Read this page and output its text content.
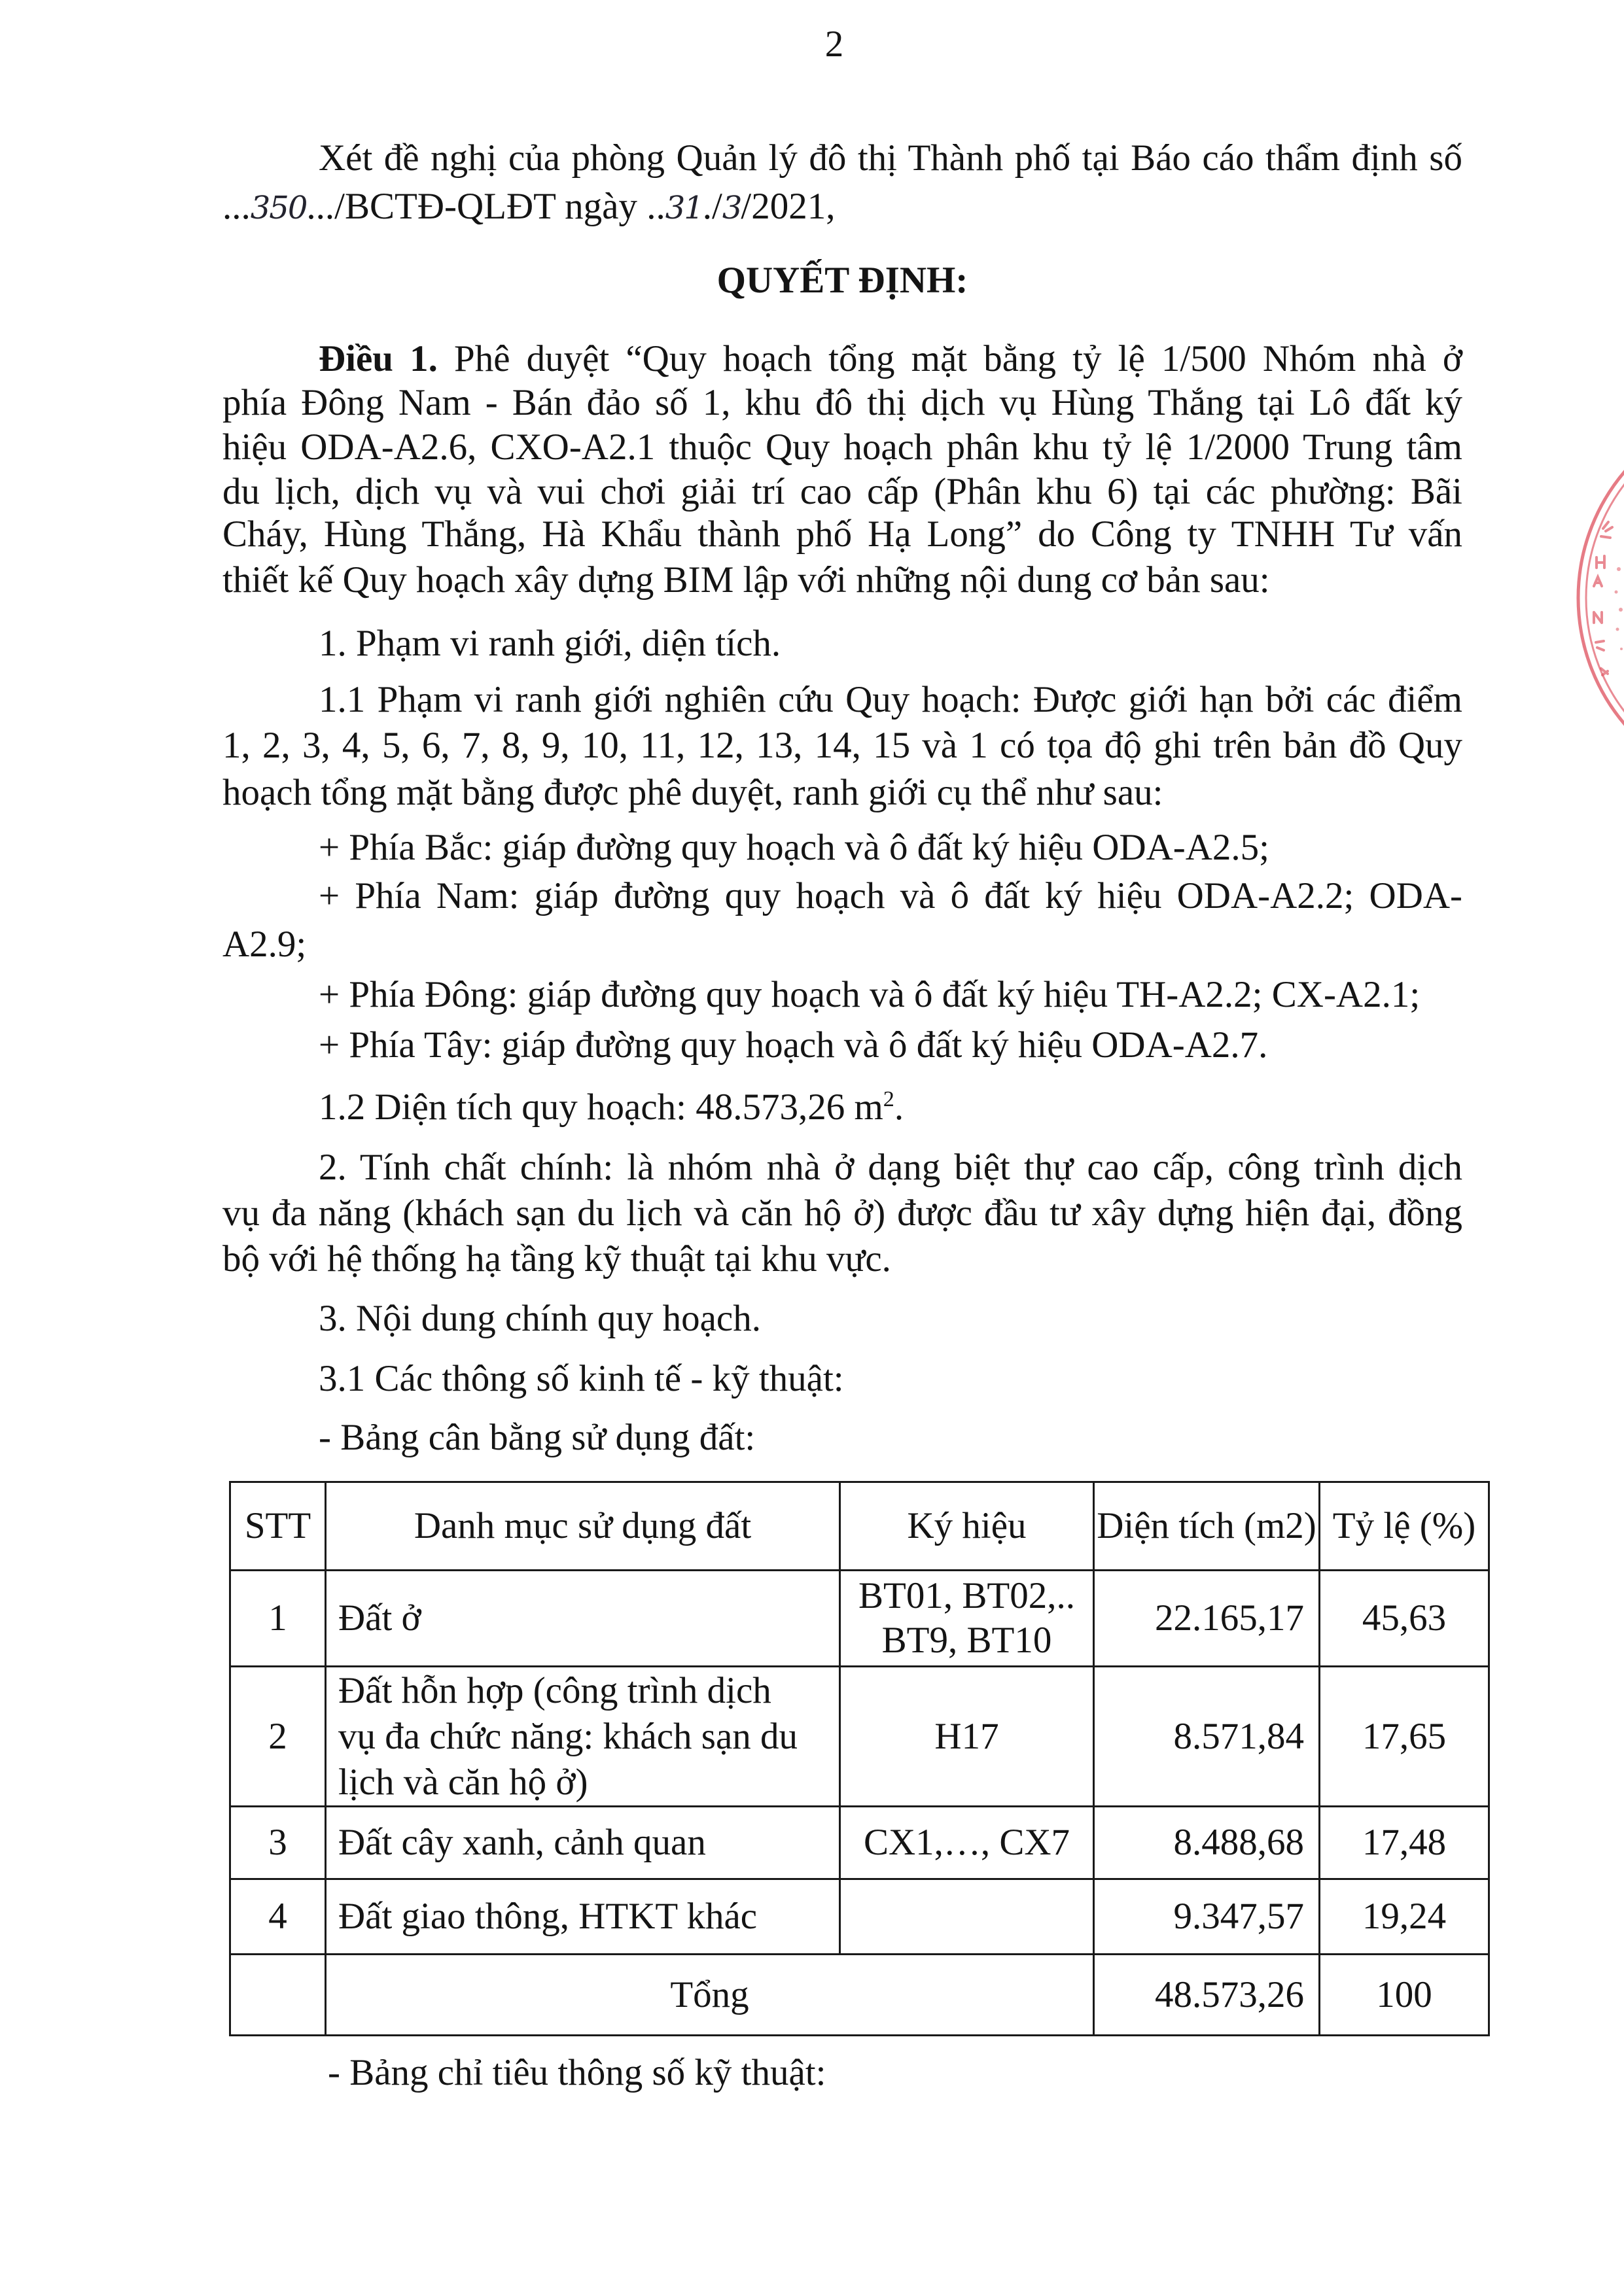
2
Xét đề nghị của phòng Quản lý đô thị Thành phố tại Báo cáo thẩm định số
...350.../BCTĐ-QLĐT ngày ..31./3/2021,
QUYẾT ĐỊNH:
Điều 1. Phê duyệt “Quy hoạch tổng mặt bằng tỷ lệ 1/500 Nhóm nhà ở
phía Đông Nam - Bán đảo số 1, khu đô thị dịch vụ Hùng Thắng tại Lô đất ký
hiệu ODA-A2.6, CXO-A2.1 thuộc Quy hoạch phân khu tỷ lệ 1/2000 Trung tâm
du lịch, dịch vụ và vui chơi giải trí cao cấp (Phân khu 6) tại các phường: Bãi
Cháy, Hùng Thắng, Hà Khẩu thành phố Hạ Long” do Công ty TNHH Tư vấn
thiết kế Quy hoạch xây dựng BIM lập với những nội dung cơ bản sau:
1. Phạm vi ranh giới, diện tích.
1.1 Phạm vi ranh giới nghiên cứu Quy hoạch: Được giới hạn bởi các điểm
1, 2, 3, 4, 5, 6, 7, 8, 9, 10, 11, 12, 13, 14, 15 và 1 có tọa độ ghi trên bản đồ Quy
hoạch tổng mặt bằng được phê duyệt, ranh giới cụ thể như sau:
+ Phía Bắc: giáp đường quy hoạch và ô đất ký hiệu ODA-A2.5;
+ Phía Nam: giáp đường quy hoạch và ô đất ký hiệu ODA-A2.2; ODA-
A2.9;
+ Phía Đông: giáp đường quy hoạch và ô đất ký hiệu TH-A2.2; CX-A2.1;
+ Phía Tây: giáp đường quy hoạch và ô đất ký hiệu ODA-A2.7.
1.2 Diện tích quy hoạch: 48.573,26 $m^2$.
2. Tính chất chính: là nhóm nhà ở dạng biệt thự cao cấp, công trình dịch
vụ đa năng (khách sạn du lịch và căn hộ ở) được đầu tư xây dựng hiện đại, đồng
bộ với hệ thống hạ tầng kỹ thuật tại khu vực.
3. Nội dung chính quy hoạch.
3.1 Các thông số kinh tế - kỹ thuật:
- Bảng cân bằng sử dụng đất:
STT	Danh mục sử dụng đất	Ký hiệu	Diện tích (m2)	Tỷ lệ (%)
1	Đất ở	BT01, BT02,..
BT9, BT10	22.165,17	45,63
2	Đất hỗn hợp (công trình dịch
vụ đa chức năng: khách sạn du
lịch và căn hộ ở)	H17	8.571,84	17,65
3	Đất cây xanh, cảnh quan	CX1,…, CX7	8.488,68	17,48
4	Đất giao thông, HTKT khác		9.347,57	19,24
	Tổng		48.573,26	100
- Bảng chỉ tiêu thông số kỹ thuật:
